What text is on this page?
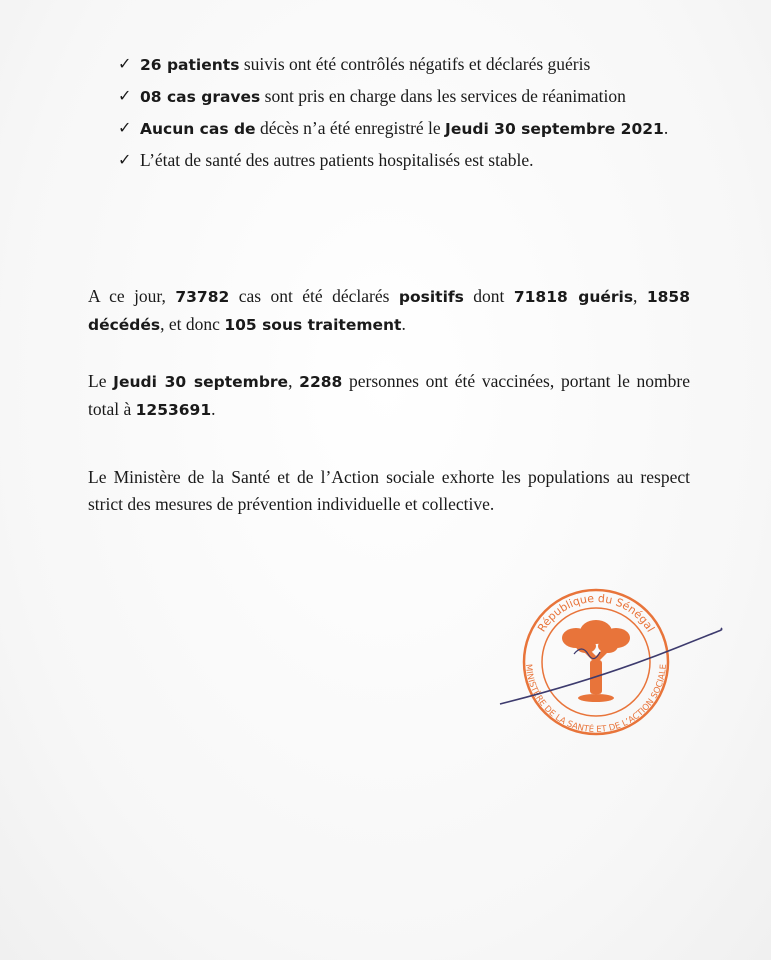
✓ 26 patients suivis ont été contrôlés négatifs et déclarés guéris
✓ 08 cas graves sont pris en charge dans les services de réanimation
✓ Aucun cas de décès n’a été enregistré le Jeudi 30 septembre 2021.
✓ L’état de santé des autres patients hospitalisés est stable.
A ce jour, 73782 cas ont été déclarés positifs dont 71818 guéris, 1858 décédés, et donc 105 sous traitement.
Le Jeudi 30 septembre, 2288 personnes ont été vaccinées, portant le nombre total à 1253691.
Le Ministère de la Santé et de l’Action sociale exhorte les populations au respect strict des mesures de prévention individuelle et collective.
République du Sénégal
MINISTÈRE DE LA SANTÉ ET DE L’ACTION SOCIALE
